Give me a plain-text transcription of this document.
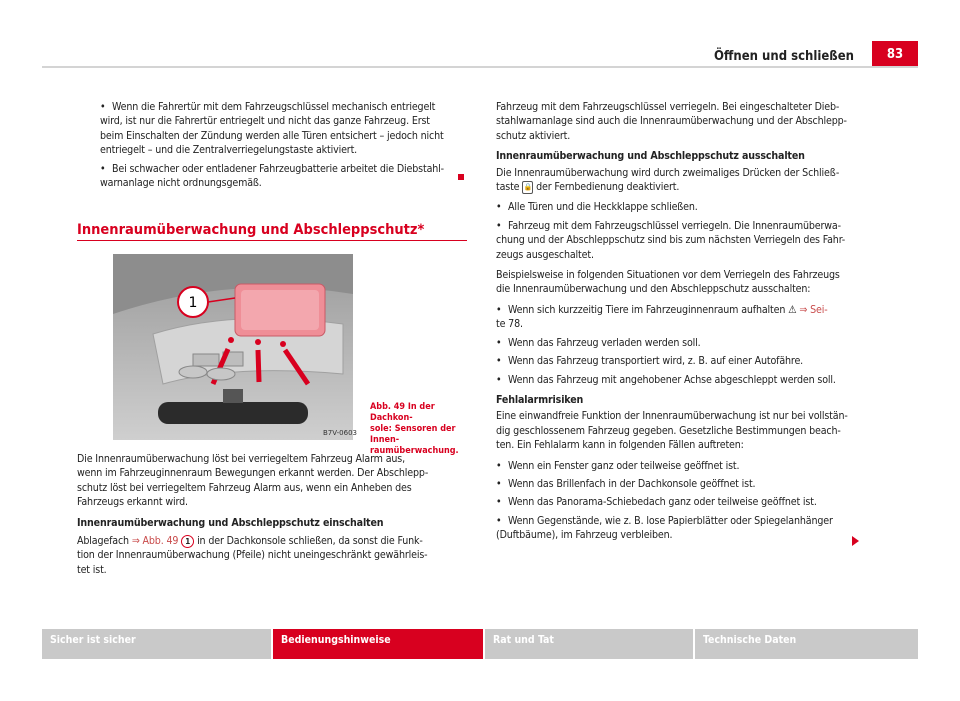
Öffnen und schließen	83
• Wenn die Fahrertür mit dem Fahrzeugschlüssel mechanisch entriegelt
wird, ist nur die Fahrertür entriegelt und nicht das ganze Fahrzeug. Erst
beim Einschalten der Zündung werden alle Türen entsichert – jedoch nicht
entriegelt – und die Zentralverriegelungstaste aktiviert.
• Bei schwacher oder entladener Fahrzeugbatterie arbeitet die Diebstahl-
warnanlage nicht ordnungsgemäß.
Innenraumüberwachung und Abschleppschutz*
1
B7V-0603
Abb. 49 In der Dachkon-
sole: Sensoren der Innen-
raumüberwachung.
Die Innenraumüberwachung löst bei verriegeltem Fahrzeug Alarm aus,
wenn im Fahrzeuginnenraum Bewegungen erkannt werden. Der Abschlepp-
schutz löst bei verriegeltem Fahrzeug Alarm aus, wenn ein Anheben des
Fahrzeugs erkannt wird.
Innenraumüberwachung und Abschleppschutz einschalten
Ablagefach ⇒ Abb. 49 1 in der Dachkonsole schließen, da sonst die Funk-
tion der Innenraumüberwachung (Pfeile) nicht uneingeschränkt gewährleis-
tet ist.
Fahrzeug mit dem Fahrzeugschlüssel verriegeln. Bei eingeschalteter Dieb-
stahlwarnanlage sind auch die Innenraumüberwachung und der Abschlepp-
schutz aktiviert.
Innenraumüberwachung und Abschleppschutz ausschalten
Die Innenraumüberwachung wird durch zweimaliges Drücken der Schließ-
taste 🔒 der Fernbedienung deaktiviert.
• Alle Türen und die Heckklappe schließen.
• Fahrzeug mit dem Fahrzeugschlüssel verriegeln. Die Innenraumüberwa-
chung und der Abschleppschutz sind bis zum nächsten Verriegeln des Fahr-
zeugs ausgeschaltet.
Beispielsweise in folgenden Situationen vor dem Verriegeln des Fahrzeugs
die Innenraumüberwachung und den Abschleppschutz ausschalten:
• Wenn sich kurzzeitig Tiere im Fahrzeuginnenraum aufhalten ⚠ ⇒ Sei-
te 78.
• Wenn das Fahrzeug verladen werden soll.
• Wenn das Fahrzeug transportiert wird, z. B. auf einer Autofähre.
• Wenn das Fahrzeug mit angehobener Achse abgeschleppt werden soll.
Fehlalarmrisiken
Eine einwandfreie Funktion der Innenraumüberwachung ist nur bei vollstän-
dig geschlossenem Fahrzeug gegeben. Gesetzliche Bestimmungen beach-
ten. Ein Fehlalarm kann in folgenden Fällen auftreten:
• Wenn ein Fenster ganz oder teilweise geöffnet ist.
• Wenn das Brillenfach in der Dachkonsole geöffnet ist.
• Wenn das Panorama-Schiebedach ganz oder teilweise geöffnet ist.
• Wenn Gegenstände, wie z. B. lose Papierblätter oder Spiegelanhänger
(Duftbäume), im Fahrzeug verbleiben.
Sicher ist sicher	Bedienungshinweise	Rat und Tat	Technische Daten
